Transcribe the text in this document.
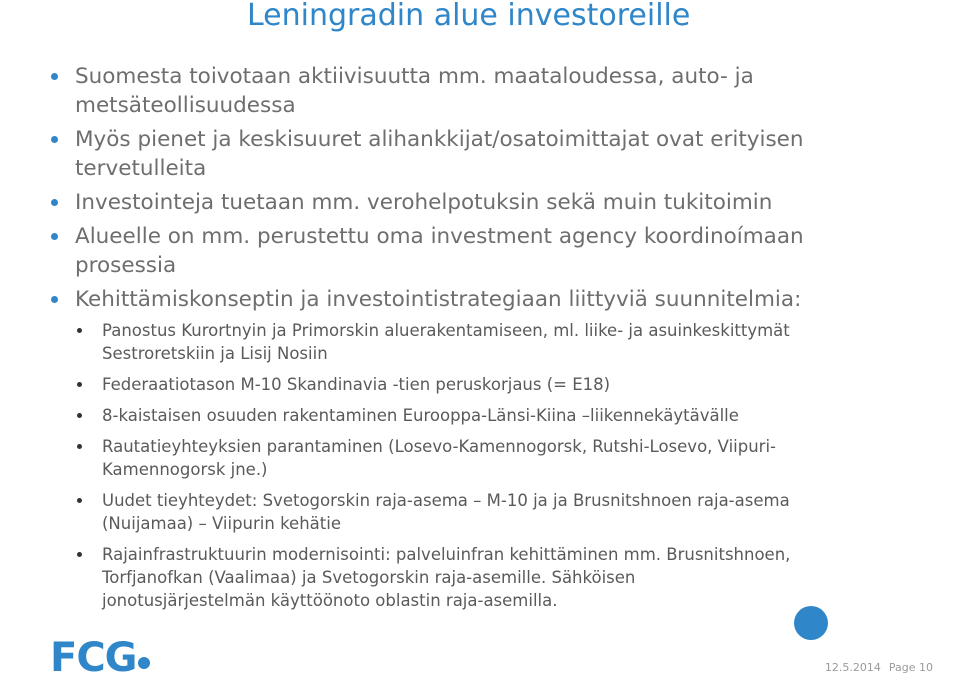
Leningradin alue investoreille
Suomesta toivotaan aktiivisuutta mm. maataloudessa, auto- ja
metsäteollisuudessa
Myös pienet ja keskisuuret alihankkijat/osatoimittajat ovat erityisen
tervetulleita
Investointeja tuetaan mm. verohelpotuksin sekä muin tukitoimin
Alueelle on mm. perustettu oma investment agency koordinoímaan
prosessia
Kehittämiskonseptin ja investointistrategiaan liittyviä suunnitelmia:
Panostus Kurortnyin ja Primorskin aluerakentamiseen, ml. liike- ja asuinkeskittymät
Sestroretskiin ja Lisij Nosiin
Federaatiotason M-10 Skandinavia -tien peruskorjaus (= E18)
8-kaistaisen osuuden rakentaminen Eurooppa-Länsi-Kiina –liikennekäytävälle
Rautatieyhteyksien parantaminen (Losevo-Kamennogorsk, Rutshi-Losevo, Viipuri-
Kamennogorsk jne.)
Uudet tieyhteydet: Svetogorskin raja-asema – M-10 ja ja Brusnitshnoen raja-asema
(Nuijamaa) – Viipurin kehätie
Rajainfrastruktuurin modernisointi: palveluinfran kehittäminen mm. Brusnitshnoen,
Torfjanofkan (Vaalimaa) ja Svetogorskin raja-asemille. Sähköisen
jonotusjärjestelmän käyttöönoto oblastin raja-asemilla.
FCG	12.5.2014 Page 10
